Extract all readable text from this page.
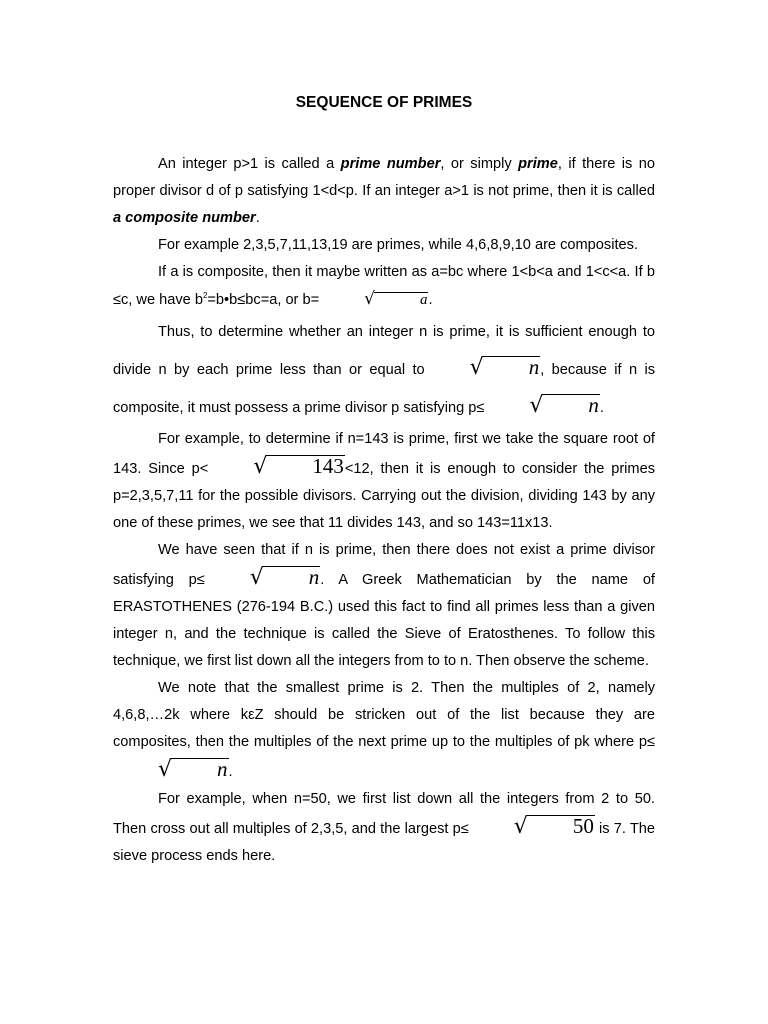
SEQUENCE OF PRIMES

An integer p>1 is called a prime number, or simply prime, if there is no proper divisor d of p satisfying 1<d<p. If an integer a>1 is not prime, then it is called a composite number.

For example 2,3,5,7,11,13,19 are primes, while 4,6,8,9,10 are composites.

If a is composite, then it maybe written as a=bc where 1<b<a and 1<c<a. If b ≤c, we have $b^2=b•b\le bc=a$, or b=	√	a.

Thus, to determine whether an integer n is prime, it is sufficient enough to divide n by each prime less than or equal to √ n, because if n is composite, it must possess a prime divisor p satisfying p≤ √ n.

For example, to determine if n=143 is prime, first we take the square root of 143. Since p< √ 143<12, then it is enough to consider the primes p=2,3,5,7,11 for the possible divisors. Carrying out the division, dividing 143 by any one of these primes, we see that 11 divides 143, and so 143=11x13.

We have seen that if n is prime, then there does not exist a prime divisor satisfying p≤ √ n. A Greek Mathematician by the name of ERASTOTHENES (276-194 B.C.) used this fact to find all primes less than a given integer n, and the technique is called the Sieve of Eratosthenes. To follow this technique, we first list down all the integers from to to n. Then observe the scheme.

We note that the smallest prime is 2. Then the multiples of 2, namely 4,6,8,…2k where kεZ should be stricken out of the list because they are composites, then the multiples of the next prime up to the multiples of pk where p≤√ n.

For example, when n=50, we first list down all the integers from 2 to 50. Then cross out all multiples of 2,3,5, and the largest p≤ √ 50 is 7. The sieve process ends here.
